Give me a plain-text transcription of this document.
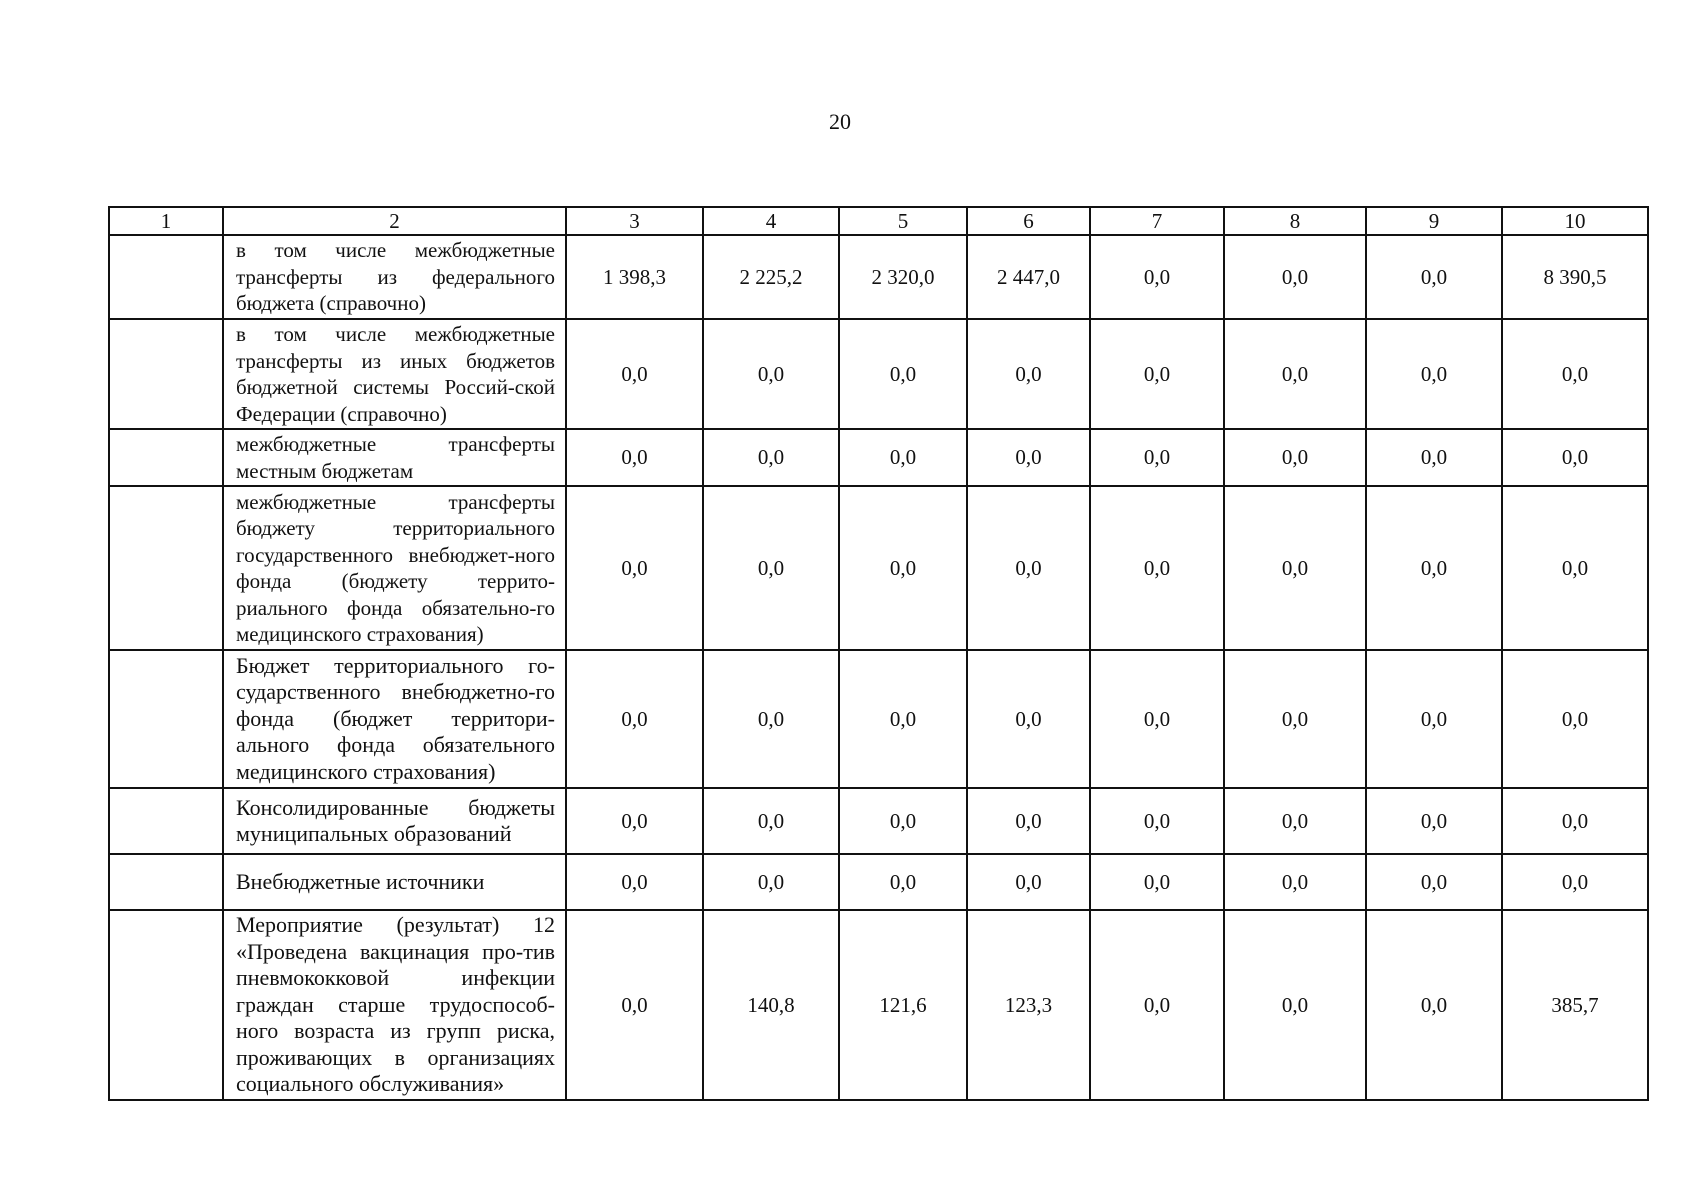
20
1	2	3	4	5	6	7	8	9	10
	в том числе межбюджетные трансферты из федерального бюджета (справочно)	1 398,3	2 225,2	2 320,0	2 447,0	0,0	0,0	0,0	8 390,5
	в том числе межбюджетные трансферты из иных бюджетов бюджетной системы Россий-ской Федерации (справочно)	0,0	0,0	0,0	0,0	0,0	0,0	0,0	0,0
	межбюджетные трансферты местным бюджетам	0,0	0,0	0,0	0,0	0,0	0,0	0,0	0,0
	межбюджетные трансферты бюджету территориального государственного внебюджет-ного фонда (бюджету террито-риального фонда обязательно-го медицинского страхования)	0,0	0,0	0,0	0,0	0,0	0,0	0,0	0,0
	Бюджет территориального го-сударственного внебюджетно-го фонда (бюджет территори-ального фонда обязательного медицинского страхования)	0,0	0,0	0,0	0,0	0,0	0,0	0,0	0,0
	Консолидированные бюджеты муниципальных образований	0,0	0,0	0,0	0,0	0,0	0,0	0,0	0,0
	Внебюджетные источники	0,0	0,0	0,0	0,0	0,0	0,0	0,0	0,0
	Мероприятие (результат) 12 «Проведена вакцинация про-тив пневмококковой инфекции граждан старше трудоспособ-ного возраста из групп риска, проживающих в организациях социального обслуживания»	0,0	140,8	121,6	123,3	0,0	0,0	0,0	385,7
